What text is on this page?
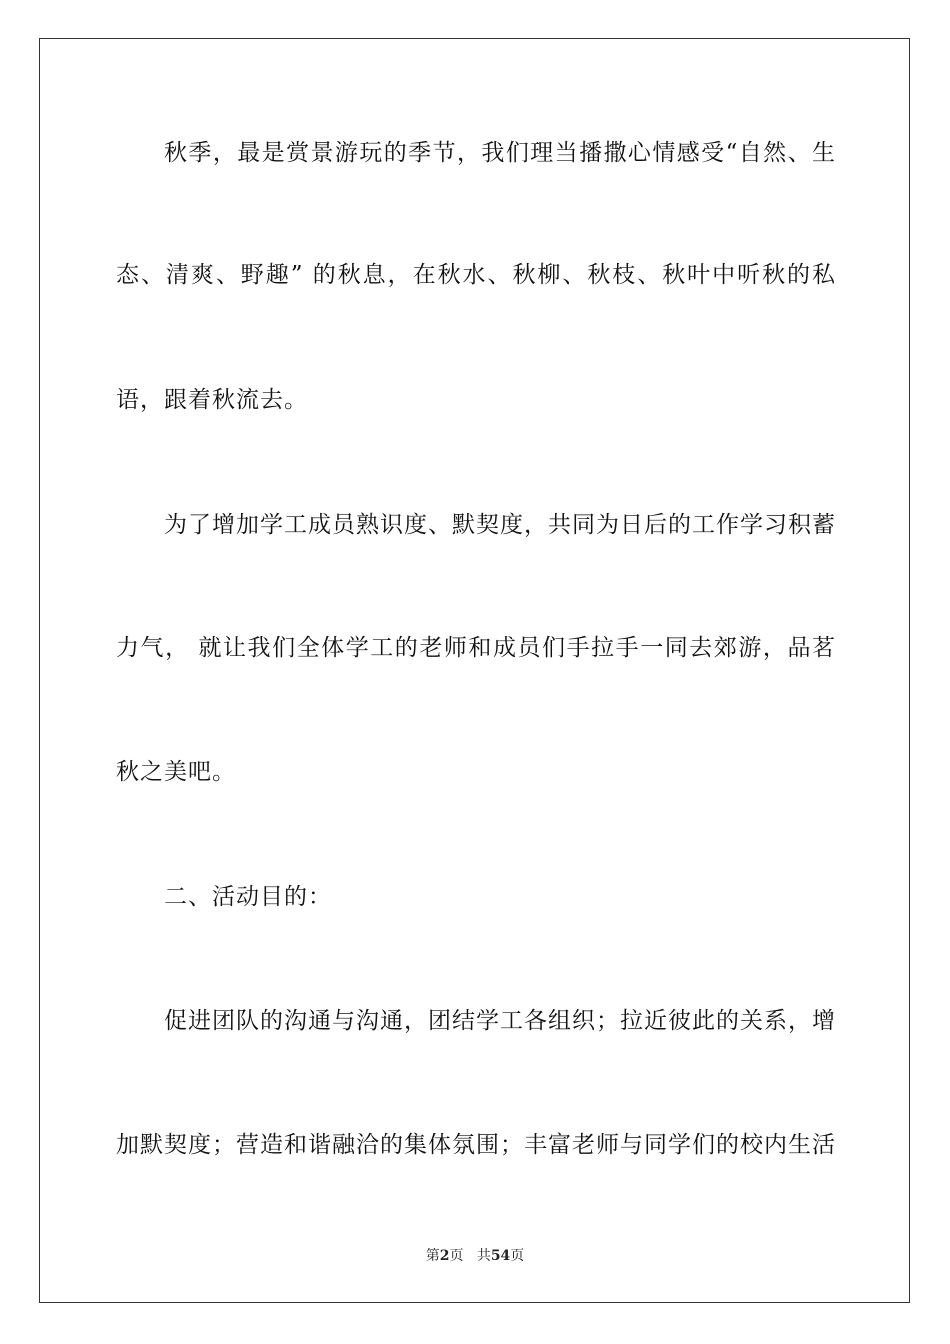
秋季，最是赏景游玩的季节，我们理当播撒心情感受“自然、生
态、清爽、野趣” 的秋息，在秋水、秋柳、秋枝、秋叶中听秋的私
语，跟着秋流去。
为了增加学工成员熟识度、默契度，共同为日后的工作学习积蓄
力气， 就让我们全体学工的老师和成员们手拉手一同去郊游，品茗
秋之美吧。
二、活动目的：
促进团队的沟通与沟通，团结学工各组织；拉近彼此的关系，增
加默契度；营造和谐融洽的集体氛围；丰富老师与同学们的校内生活
第2页 共54页
